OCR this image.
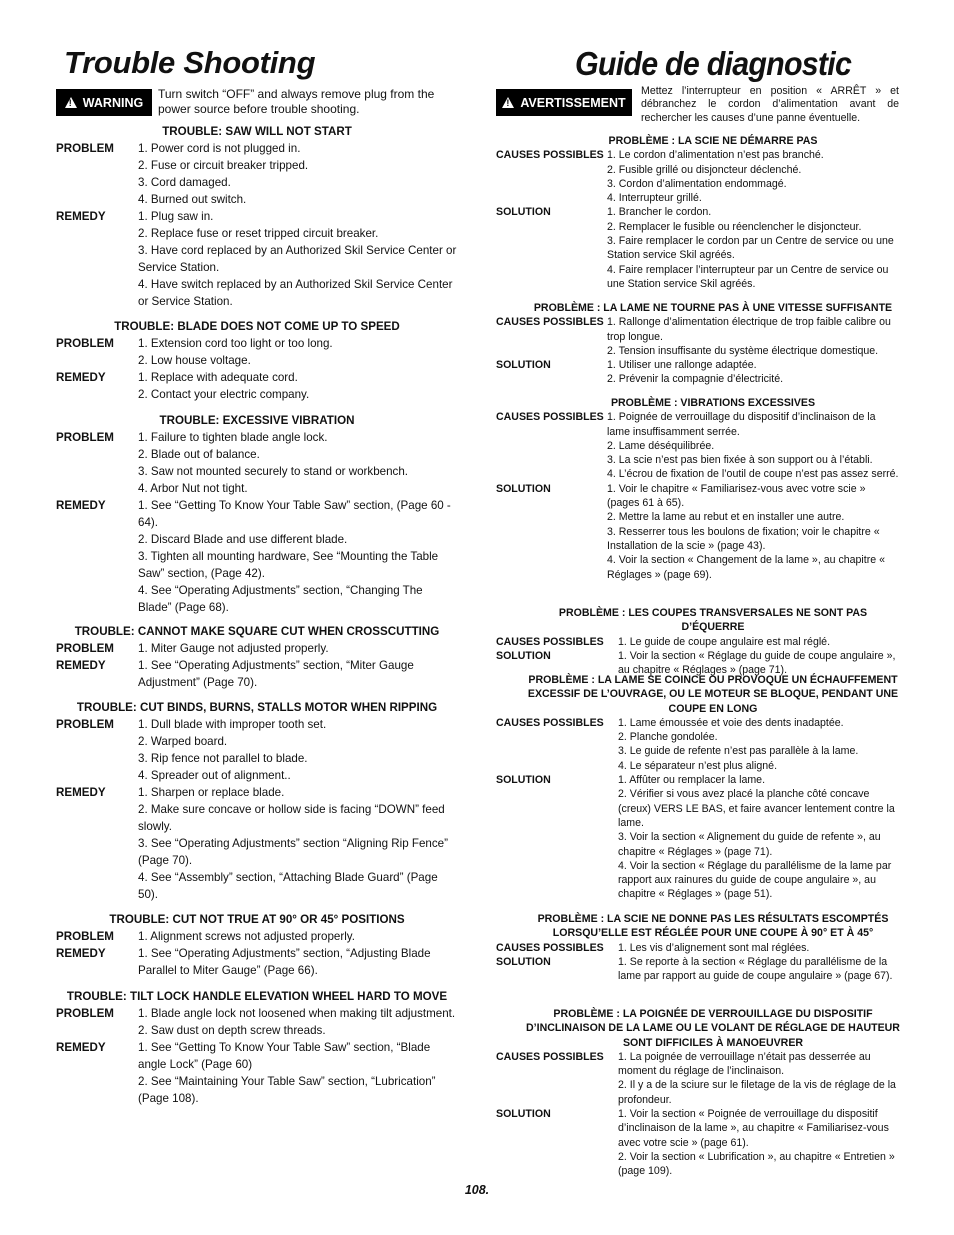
Trouble Shooting
!
WARNING
Turn switch “OFF” and always remove plug from the power source before trouble shooting.
TROUBLE: SAW WILL NOT START
PROBLEM	1. Power cord is not plugged in.
2. Fuse or circuit breaker tripped.
3. Cord damaged.
4. Burned out switch.
REMEDY	1. Plug saw in.
2. Replace fuse or reset tripped circuit breaker.
3. Have cord replaced by an Authorized Skil Service Center or Service Station.
4. Have switch replaced by an Authorized Skil Service Center or Service Station.
TROUBLE: BLADE DOES NOT COME UP TO SPEED
PROBLEM	1. Extension cord too light or too long.
2. Low house voltage.
REMEDY	1. Replace with adequate cord.
2. Contact your electric company.
TROUBLE: EXCESSIVE VIBRATION
PROBLEM	1. Failure to tighten blade angle lock.
2. Blade out of balance.
3. Saw not mounted securely to stand or workbench.
4. Arbor Nut not tight.
REMEDY	1. See “Getting To Know Your Table Saw” section, (Page 60 - 64).
2. Discard Blade and use different blade.
3. Tighten all mounting hardware, See “Mounting the Table Saw” section, (Page 42).
4. See “Operating Adjustments” section, “Changing The Blade” (Page 68).
TROUBLE: CANNOT MAKE SQUARE CUT WHEN CROSSCUTTING
PROBLEM	1. Miter Gauge not adjusted properly.
REMEDY	1. See “Operating Adjustments” section, “Miter Gauge Adjustment” (Page 70).
TROUBLE: CUT BINDS, BURNS, STALLS MOTOR WHEN RIPPING
PROBLEM	1. Dull blade with improper tooth set.
2. Warped board.
3. Rip fence not parallel to blade.
4. Spreader out of alignment..
REMEDY	1. Sharpen or replace blade.
2. Make sure concave or hollow side is facing “DOWN” feed slowly.
3. See “Operating Adjustments” section “Aligning Rip Fence” (Page 70).
4. See “Assembly” section, “Attaching Blade Guard” (Page 50).
TROUBLE: CUT NOT TRUE AT 90° OR 45° POSITIONS
PROBLEM	1. Alignment screws not adjusted properly.
REMEDY	1. See “Operating Adjustments” section, “Adjusting Blade Parallel to Miter Gauge” (Page 66).
TROUBLE: TILT LOCK HANDLE ELEVATION WHEEL HARD TO MOVE
PROBLEM	1. Blade angle lock not loosened when making tilt adjustment.
2. Saw dust on depth screw threads.
REMEDY	1. See “Getting To Know Your Table Saw” section, “Blade angle Lock” (Page 60)
2. See “Maintaining Your Table Saw” section, “Lubrication” (Page 108).
Guide de diagnostic
!
AVERTISSEMENT
Mettez l’interrupteur en position « ARRÊT » et débranchez le cordon d’alimentation avant de rechercher les causes d’une panne éventuelle.
PROBLÈME : LA SCIE NE DÉMARRE PAS
CAUSES POSSIBLES 1. Le cordon d’alimentation n’est pas branché.
2. Fusible grillé ou disjoncteur déclenché.
3. Cordon d’alimentation endommagé.
4. Interrupteur grillé.
SOLUTION	1. Brancher le cordon.
2. Remplacer le fusible ou réenclencher le disjoncteur.
3. Faire remplacer le cordon par un Centre de service ou une Station service Skil agréés.
4. Faire remplacer l’interrupteur par un Centre de service ou une Station service Skil agréés.
PROBLÈME : LA LAME NE TOURNE PAS À UNE VITESSE SUFFISANTE
CAUSES POSSIBLES 1. Rallonge d’alimentation électrique de trop faible calibre ou trop longue.
2. Tension insuffisante du système électrique domestique.
SOLUTION	1. Utiliser une rallonge adaptée.
2. Prévenir la compagnie d’électricité.
PROBLÈME : VIBRATIONS EXCESSIVES
CAUSES POSSIBLES 1. Poignée de verrouillage du dispositif d’inclinaison de la lame insuffisamment serrée.
2. Lame déséquilibrée.
3. La scie n’est pas bien fixée à son support ou à l’établi.
4. L’écrou de fixation de l’outil de coupe n’est pas assez serré.
SOLUTION	1. Voir le chapitre « Familiarisez-vous avec votre scie » (pages 61 à 65).
2. Mettre la lame au rebut et en installer une autre.
3. Resserrer tous les boulons de fixation; voir le chapitre « Installation de la scie » (page 43).
4. Voir la section « Changement de la lame », au chapitre « Réglages » (page 69).
PROBLÈME : LES COUPES TRANSVERSALES NE SONT PAS D’ÉQUERRE
CAUSES POSSIBLES	1. Le guide de coupe angulaire est mal réglé.
SOLUTION	1. Voir la section « Réglage du guide de coupe angulaire », au chapitre « Réglages » (page 71).
PROBLÈME : LA LAME SE COINCE OU PROVOQUE UN ÉCHAUFFEMENT EXCESSIF DE L’OUVRAGE, OU LE MOTEUR SE BLOQUE, PENDANT UNE COUPE EN LONG
CAUSES POSSIBLES	1. Lame émoussée et voie des dents inadaptée.
2. Planche gondolée.
3. Le guide de refente n’est pas parallèle à la lame.
4. Le séparateur n’est plus aligné.
SOLUTION	1. Affûter ou remplacer la lame.
2. Vérifier si vous avez placé la planche côté concave (creux) VERS LE BAS, et faire avancer lentement contre la lame.
3. Voir la section « Alignement du guide de refente », au chapitre « Réglages » (page 71).
4. Voir la section « Réglage du parallélisme de la lame par rapport aux rainures du guide de coupe angulaire », au chapitre « Réglages » (page 51).
PROBLÈME : LA SCIE NE DONNE PAS LES RÉSULTATS ESCOMPTÉS LORSQU’ELLE EST RÉGLÉE POUR UNE COUPE À 90° ET À 45°
CAUSES POSSIBLES	1. Les vis d’alignement sont mal réglées.
SOLUTION	1. Se reporte à la section « Réglage du parallélisme de la lame par rapport au guide de coupe angulaire » (page 67).
PROBLÈME : LA POIGNÉE DE VERROUILLAGE DU DISPOSITIF D’INCLINAISON DE LA LAME OU LE VOLANT DE RÉGLAGE DE HAUTEUR SONT DIFFICILES À MANOEUVRER
CAUSES POSSIBLES	1. La poignée de verrouillage n’était pas desserrée au moment du réglage de l’inclinaison.
2. Il y a de la sciure sur le filetage de la vis de réglage de la profondeur.
SOLUTION	1. Voir la section « Poignée de verrouillage du dispositif d’inclinaison de la lame », au chapitre « Familiarisez-vous avec votre scie » (page 61).
2. Voir la section « Lubrification », au chapitre « Entretien » (page 109).
108.
